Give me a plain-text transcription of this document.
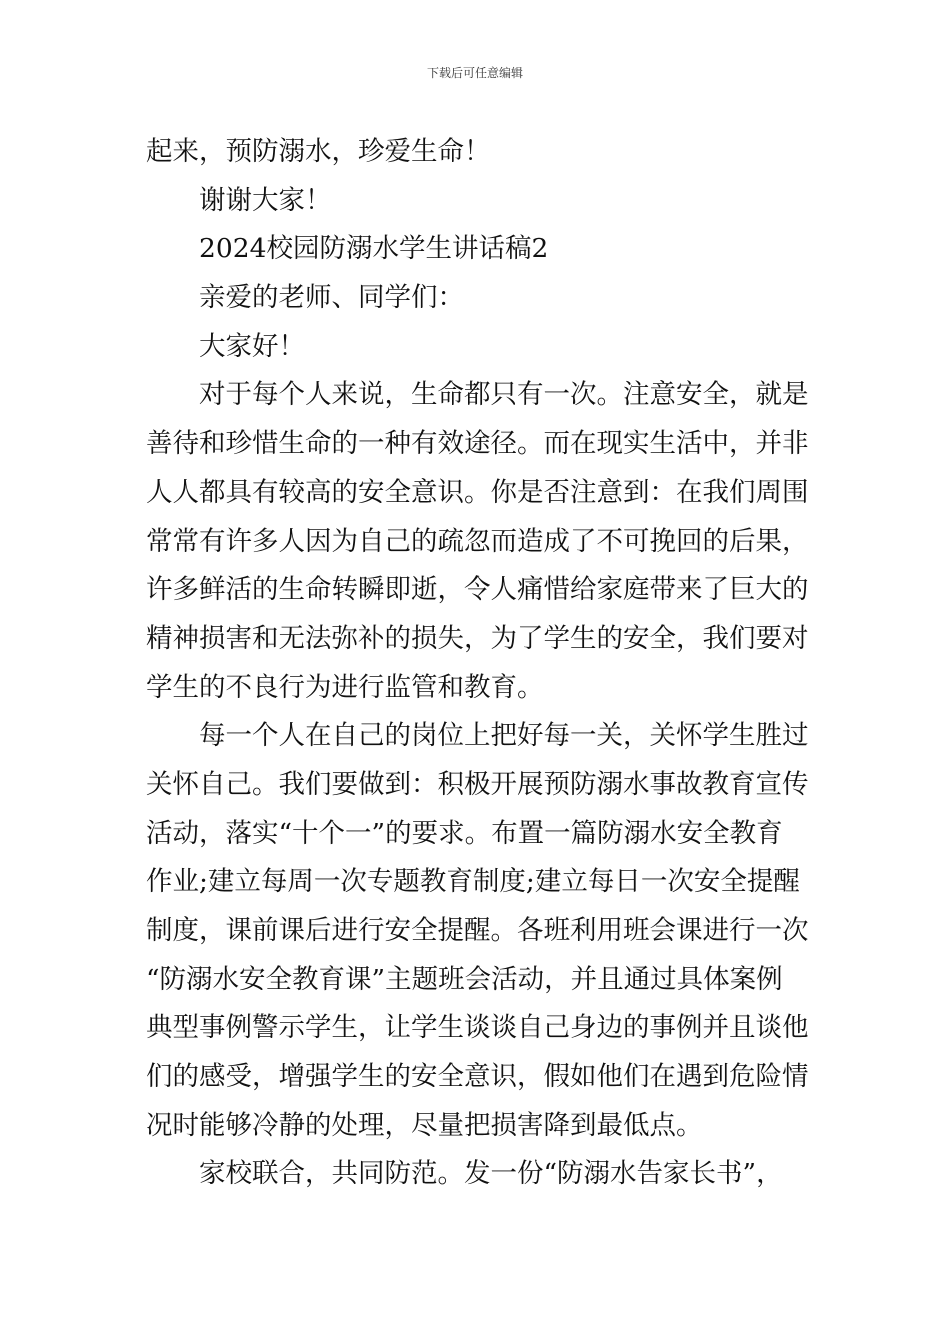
下载后可任意编辑
起来，预防溺水，珍爱生命！
谢谢大家！
2024校园防溺水学生讲话稿2
亲爱的老师、同学们：
大家好！
对于每个人来说，生命都只有一次。注意安全，就是
善待和珍惜生命的一种有效途径。而在现实生活中，并非
人人都具有较高的安全意识。你是否注意到：在我们周围
常常有许多人因为自己的疏忽而造成了不可挽回的后果，
许多鲜活的生命转瞬即逝，令人痛惜给家庭带来了巨大的
精神损害和无法弥补的损失，为了学生的安全，我们要对
学生的不良行为进行监管和教育。
每一个人在自己的岗位上把好每一关，关怀学生胜过
关怀自己。我们要做到：积极开展预防溺水事故教育宣传
活动，落实“十个一”的要求。布置一篇防溺水安全教育
作业;建立每周一次专题教育制度;建立每日一次安全提醒
制度，课前课后进行安全提醒。各班利用班会课进行一次
“防溺水安全教育课”主题班会活动，并且通过具体案例
典型事例警示学生，让学生谈谈自己身边的事例并且谈他
们的感受，增强学生的安全意识，假如他们在遇到危险情
况时能够冷静的处理，尽量把损害降到最低点。
家校联合，共同防范。发一份“防溺水告家长书”，
